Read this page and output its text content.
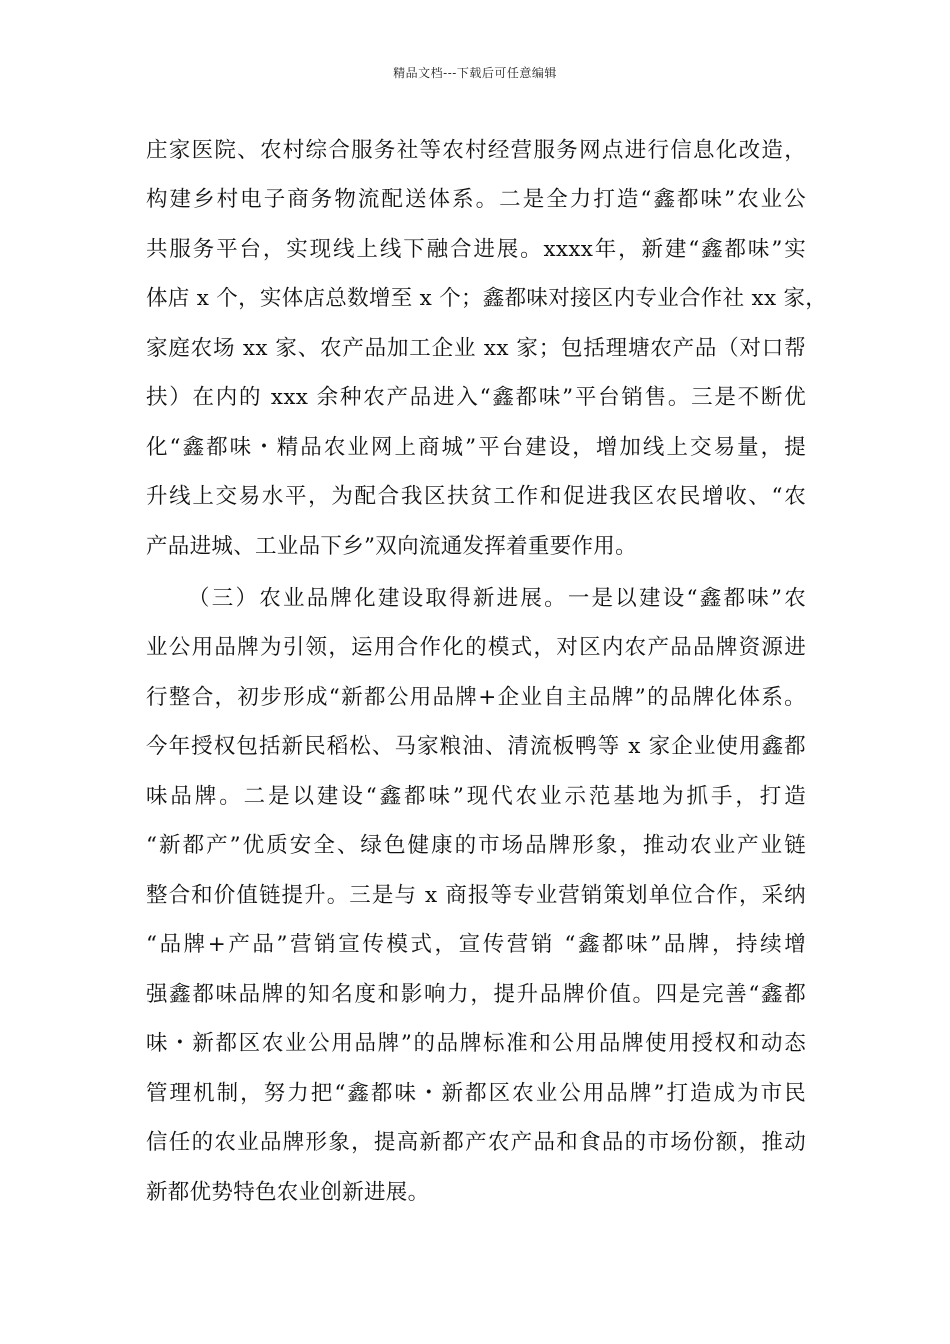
精品文档---下载后可任意编辑
庄家医院、农村综合服务社等农村经营服务网点进行信息化改造，
构建乡村电子商务物流配送体系。二是全力打造“鑫都味”农业公
共服务平台，实现线上线下融合进展。xxxx年，新建“鑫都味”实
体店 x 个，实体店总数增至 x 个；鑫都味对接区内专业合作社 xx 家，
家庭农场 xx 家、农产品加工企业 xx 家；包括理塘农产品（对口帮
扶）在内的 xxx 余种农产品进入“鑫都味”平台销售。三是不断优
化“鑫都味・精品农业网上商城”平台建设，增加线上交易量，提
升线上交易水平，为配合我区扶贫工作和促进我区农民增收、“农
产品进城、工业品下乡”双向流通发挥着重要作用。
（三）农业品牌化建设取得新进展。一是以建设“鑫都味”农
业公用品牌为引领，运用合作化的模式，对区内农产品品牌资源进
行整合，初步形成“新都公用品牌+企业自主品牌”的品牌化体系。
今年授权包括新民稻松、马家粮油、清流板鸭等 x 家企业使用鑫都
味品牌。二是以建设“鑫都味”现代农业示范基地为抓手，打造
“新都产”优质安全、绿色健康的市场品牌形象，推动农业产业链
整合和价值链提升。三是与 x 商报等专业营销策划单位合作，采纳
“品牌+产品”营销宣传模式，宣传营销 “鑫都味”品牌，持续增
强鑫都味品牌的知名度和影响力，提升品牌价值。四是完善“鑫都
味・新都区农业公用品牌”的品牌标准和公用品牌使用授权和动态
管理机制，努力把“鑫都味・新都区农业公用品牌”打造成为市民
信任的农业品牌形象，提高新都产农产品和食品的市场份额，推动
新都优势特色农业创新进展。
